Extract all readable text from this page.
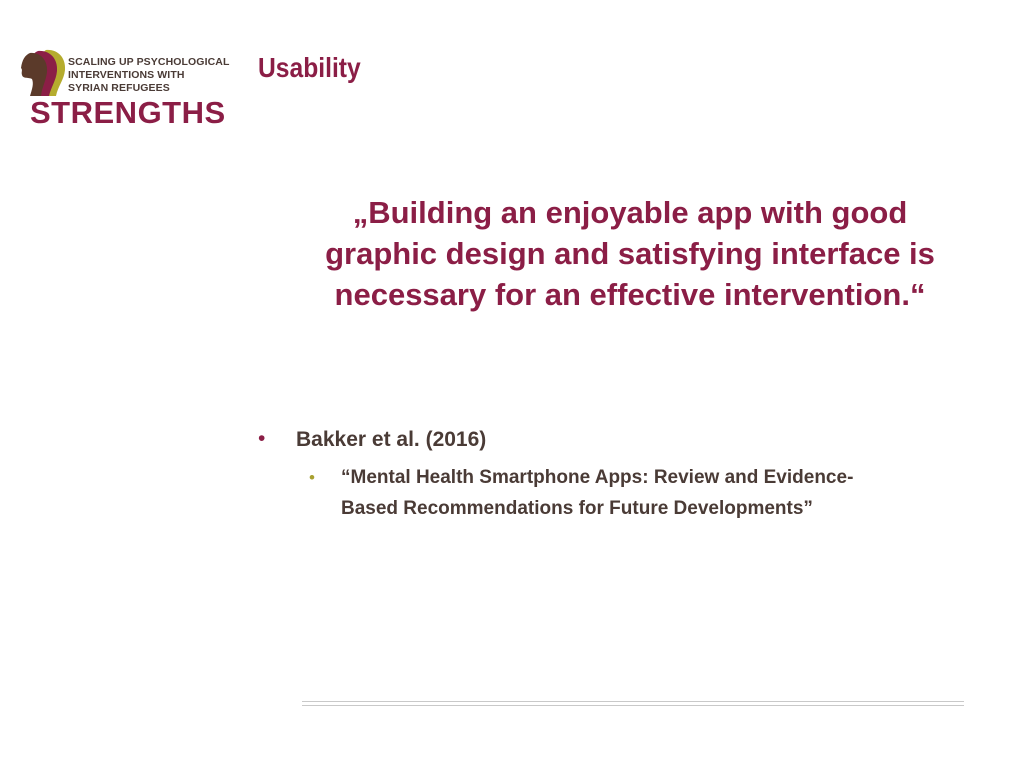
SCALING UP PSYCHOLOGICAL

INTERVENTIONS WITH

SYRIAN REFUGEES

STRENGTHS

Usability

„Building an enjoyable app with good
graphic design and satisfying interface is
necessary for an effective intervention.“

• Bakker et al. (2016)

• “Mental Health Smartphone Apps: Review and Evidence-
Based Recommendations for Future Developments”
